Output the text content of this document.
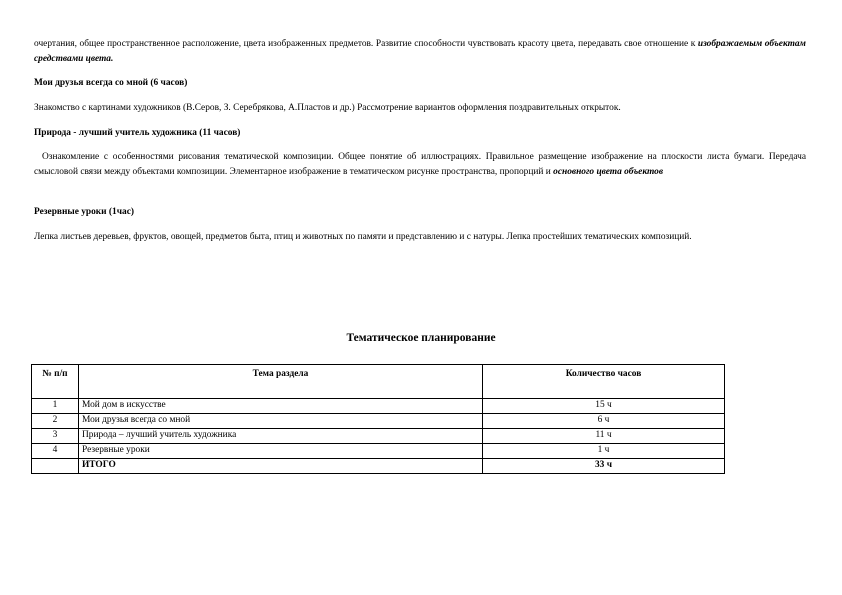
очертания, общее пространственное расположение, цвета изображенных предметов. Развитие способности чувствовать красоту цвета, передавать свое отношение к изображаемым объектам средствами цвета.

Мои друзья всегда со мной (6 часов)

Знакомство с картинами художников (В.Серов, З. Серебрякова, А.Пластов и др.) Рассмотрение вариантов оформления поздравительных открыток.

Природа - лучший учитель художника (11 часов)

Ознакомление с особенностями рисования тематической композиции. Общее понятие об иллюстрациях. Правильное размещение изображение на плоскости листа бумаги. Передача смысловой связи между объектами композиции. Элементарное изображение в тематическом рисунке пространства, пропорций и основного цвета объектов

Резервные уроки (1час)

Лепка листьев деревьев, фруктов, овощей, предметов быта, птиц и животных по памяти и представлению и с натуры. Лепка простейших тематических композиций.

Тематическое планирование

№ п/п	Тема раздела	Количество часов
1	Мой дом в искусстве	15 ч
2	Мои друзья всегда со мной	6 ч
3	Природа – лучший учитель художника	11 ч
4	Резервные уроки	1 ч
	ИТОГО	33 ч
